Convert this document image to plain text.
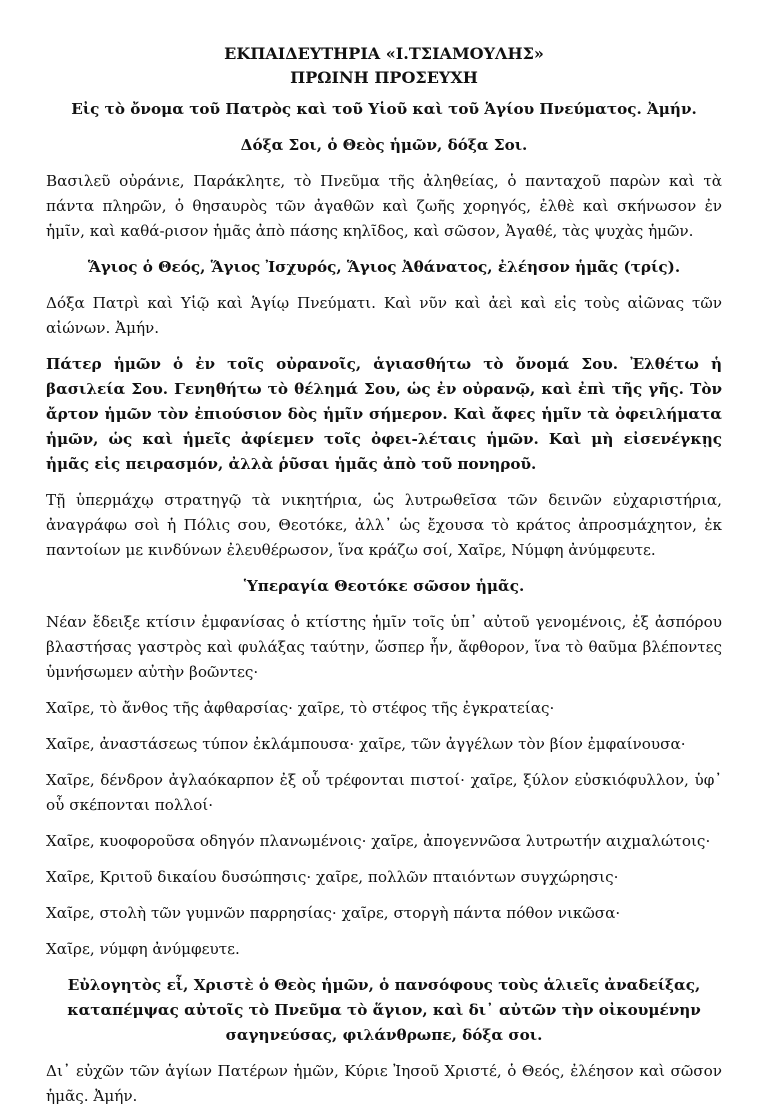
ΕΚΠΑΙΔΕΥΤΗΡΙΑ «Ι.ΤΣΙΑΜΟΥΛΗΣ»

ΠΡΩΙΝΗ ΠΡΟΣΕΥΧΗ

Εἰς τὸ ὄνομα τοῦ Πατρὸς καὶ τοῦ Υἱοῦ καὶ τοῦ Ἁγίου Πνεύματος. Ἀμήν.

Δόξα Σοι, ὁ Θεὸς ἡμῶν, δόξα Σοι.

Βασιλεῦ οὐράνιε, Παράκλητε, τὸ Πνεῦμα τῆς ἀληθείας, ὁ πανταχοῦ παρὼν καὶ τὰ πάντα πληρῶν, ὁ θησαυρὸς τῶν ἀγαθῶν καὶ ζωῆς χορηγός, ἐλθὲ καὶ σκήνωσον ἐν ἡμῖν, καὶ καθά-ρισον ἡμᾶς ἀπὸ πάσης κηλῖδος, καὶ σῶσον, Ἀγαθέ, τὰς ψυχὰς ἡμῶν.

Ἅγιος ὁ Θεός, Ἅγιος Ἰσχυρός, Ἅγιος Ἀθάνατος, ἐλέησον ἡμᾶς (τρίς).

Δόξα Πατρὶ καὶ Υἱῷ καὶ Ἁγίῳ Πνεύματι. Καὶ νῦν καὶ ἀεὶ καὶ εἰς τοὺς αἰῶνας τῶν αἰώνων. Ἀμήν.

Πάτερ ἡμῶν ὁ ἐν τοῖς οὐρανοῖς, ἁγιασθήτω τὸ ὄνομά Σου. Ἐλθέτω ἡ βασιλεία Σου. Γενηθήτω τὸ θέλημά Σου, ὡς ἐν οὐρανῷ, καὶ ἐπὶ τῆς γῆς. Τὸν ἄρτον ἡμῶν τὸν ἐπιούσιον δὸς ἡμῖν σήμερον. Καὶ ἄφες ἡμῖν τὰ ὀφειλήματα ἡμῶν, ὡς καὶ ἡμεῖς ἀφίεμεν τοῖς ὀφει-λέταις ἡμῶν. Καὶ μὴ εἰσενέγκῃς ἡμᾶς εἰς πειρασμόν, ἀλλὰ ῥῦσαι ἡμᾶς ἀπὸ τοῦ πονηροῦ.

Τῇ ὑπερμάχῳ στρατηγῷ τὰ νικητήρια, ὡς λυτρωθεῖσα τῶν δεινῶν εὐχαριστήρια, ἀναγράφω σοὶ ἡ Πόλις σου, Θεοτόκε, ἀλλ᾽ ὡς ἔχουσα τὸ κράτος ἀπροσμάχητον, ἐκ παντοίων με κινδύνων ἐλευθέρωσον, ἵνα κράζω σοί, Χαῖρε, Νύμφη ἀνύμφευτε.

Ὑπεραγία Θεοτόκε σῶσον ἡμᾶς.

Νέαν ἔδειξε κτίσιν ἐμφανίσας ὁ κτίστης ἡμῖν τοῖς ὑπ᾽ αὐτοῦ γενομένοις, ἐξ ἀσπόρου βλαστήσας γαστρὸς καὶ φυλάξας ταύτην, ὥσπερ ἦν, ἄφθορον, ἵνα τὸ θαῦμα βλέποντες ὑμνήσωμεν αὐτὴν βοῶντες·

Χαῖρε, τὸ ἄνθος τῆς ἀφθαρσίας· χαῖρε, τὸ στέφος τῆς ἐγκρατείας·

Χαῖρε, ἀναστάσεως τύπον ἐκλάμπουσα· χαῖρε, τῶν ἀγγέλων τὸν βίον ἐμφαίνουσα·

Χαῖρε, δένδρον ἀγλαόκαρπον ἐξ οὗ τρέφονται πιστοί· χαῖρε, ξύλον εὐσκιόφυλλον, ὑφ᾽ οὗ σκέπονται πολλοί·

Χαῖρε, κυοφοροῦσα οδηγόν πλανωμένοις· χαῖρε, ἀπογεννῶσα λυτρωτήν αιχμαλώτοις·

Χαῖρε, Κριτοῦ δικαίου δυσώπησις· χαῖρε, πολλῶν πταιόντων συγχώρησις·

Χαῖρε, στολὴ τῶν γυμνῶν παρρησίας· χαῖρε, στοργὴ πάντα πόθον νικῶσα·

Χαῖρε, νύμφη ἀνύμφευτε.

Εὐλογητὸς εἶ, Χριστὲ ὁ Θεὸς ἡμῶν, ὁ πανσόφους τοὺς ἁλιεῖς ἀναδείξας, καταπέμψας αὐτοῖς τὸ Πνεῦμα τὸ ἅγιον, καὶ δι᾽ αὐτῶν τὴν οἰκουμένην σαγηνεύσας, φιλάνθρωπε, δόξα σοι.

Δι᾽ εὐχῶν τῶν ἁγίων Πατέρων ἡμῶν, Κύριε Ἰησοῦ Χριστέ, ὁ Θεός, ἐλέησον καὶ σῶσον ἡμᾶς. Ἀμήν.
